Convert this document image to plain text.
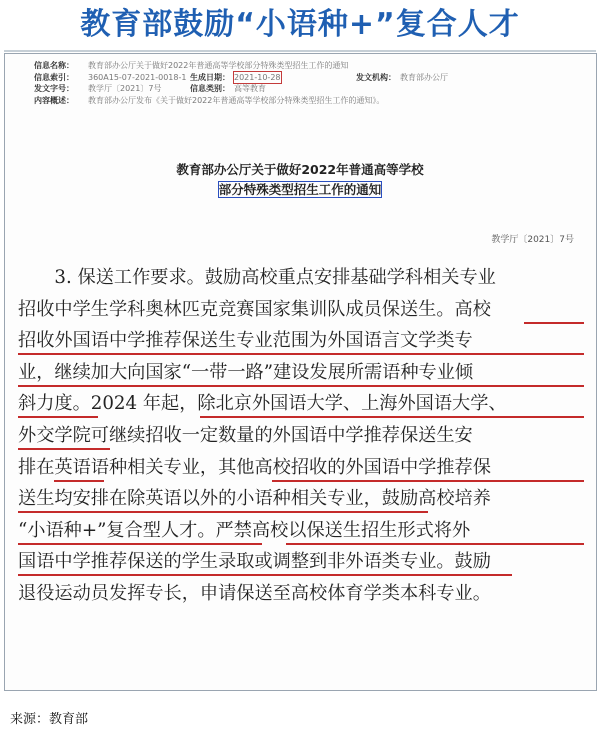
教育部鼓励“小语种+”复合人才
信息名称： 教育部办公厅关于做好2022年普通高等学校部分特殊类型招生工作的通知
信息索引： 360A15-07-2021-0018-1 生成日期： 2021-10-28	发文机构： 教育部办公厅
发文字号： 教学厅〔2021〕7号	信息类别： 高等教育
内容概述： 教育部办公厅发布《关于做好2022年普通高等学校部分特殊类型招生工作的通知》。
教育部办公厅关于做好2022年普通高等学校
部分特殊类型招生工作的通知
教学厅〔2021〕7号
　　3. 保送工作要求。鼓励高校重点安排基础学科相关专业
招收中学生学科奥林匹克竞赛国家集训队成员保送生。高校
招收外国语中学推荐保送生专业范围为外国语言文学类专
业，继续加大向国家“一带一路”建设发展所需语种专业倾
斜力度。2024 年起，除北京外国语大学、上海外国语大学、
外交学院可继续招收一定数量的外国语中学推荐保送生安
排在英语语种相关专业，其他高校招收的外国语中学推荐保
送生均安排在除英语以外的小语种相关专业，鼓励高校培养
“小语种+”复合型人才。严禁高校以保送生招生形式将外
国语中学推荐保送的学生录取或调整到非外语类专业。鼓励
退役运动员发挥专长，申请保送至高校体育学类本科专业。
来源：教育部
